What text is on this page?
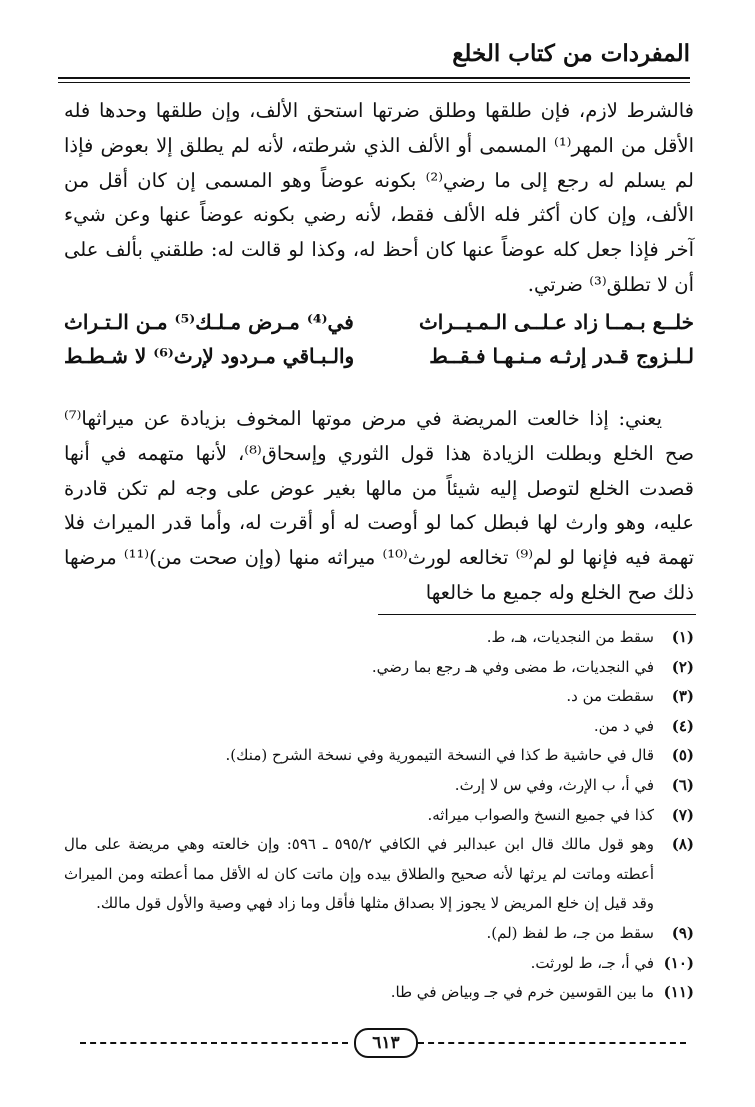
المفردات من كتاب الخلع

فالشرط لازم، فإن طلقها وطلق ضرتها استحق الألف، وإن طلقها وحدها فله الأقل من المهر⁽¹⁾ المسمى أو الألف الذي شرطته، لأنه لم يطلق إلا بعوض فإذا لم يسلم له رجع إلى ما رضي⁽²⁾ بكونه عوضاً وهو المسمى إن كان أقل من الألف، وإن كان أكثر فله الألف فقط، لأنه رضي بكونه عوضاً عنها وعن شيء آخر فإذا جعل كله عوضاً عنها كان أحظ له، وكذا لو قالت له: طلقني بألف على أن لا تطلق⁽³⁾ ضرتي.

خلــع بـمــا زاد عـلــى الـمـيــراث
في⁽⁴⁾ مـرض مـلـك⁽⁵⁾ مـن الـتـراث
لـلـزوج قـدر إرثـه مـنـهـا فـقــط
والـبـاقي مـردود لإرث⁽⁶⁾ لا شـطـط

يعني: إذا خالعت المريضة في مرض موتها المخوف بزيادة عن ميراثها⁽⁷⁾ صح الخلع وبطلت الزيادة هذا قول الثوري وإسحاق⁽⁸⁾، لأنها متهمه في أنها قصدت الخلع لتوصل إليه شيئاً من مالها بغير عوض على وجه لم تكن قادرة عليه، وهو وارث لها فبطل كما لو أوصت له أو أقرت له، وأما قدر الميراث فلا تهمة فيه فإنها لو لم⁽⁹⁾ تخالعه لورث⁽¹⁰⁾ ميراثه منها (وإن صحت من)⁽¹¹⁾ مرضها ذلك صح الخلع وله جميع ما خالعها

(١)
سقط من النجديات، هـ، ط.
(٢)
في النجديات، ط مضى وفي هـ رجع بما رضي.
(٣)
سقطت من د.
(٤)
في د من.
(٥)
قال في حاشية ط كذا في النسخة التيمورية وفي نسخة الشرح (منك).
(٦)
في أ، ب الإرث، وفي س لا إرث.
(٧)
كذا في جميع النسخ والصواب ميراثه.
(٨)
وهو قول مالك قال ابن عبدالبر في الكافي ٥٩٥/٢ ـ ٥٩٦: وإن خالعته وهي مريضة على مال أعطته وماتت لم يرثها لأنه صحيح والطلاق بيده وإن ماتت كان له الأقل مما أعطته ومن الميراث وقد قيل إن خلع المريض لا يجوز إلا بصداق مثلها فأقل وما زاد فهي وصية والأول قول مالك.
(٩)
سقط من جـ، ط لفظ (لم).
(١٠)
في أ، جـ، ط لورثت.
(١١)
ما بين القوسين خرم في جـ وبياض في طا.
٦١٣
